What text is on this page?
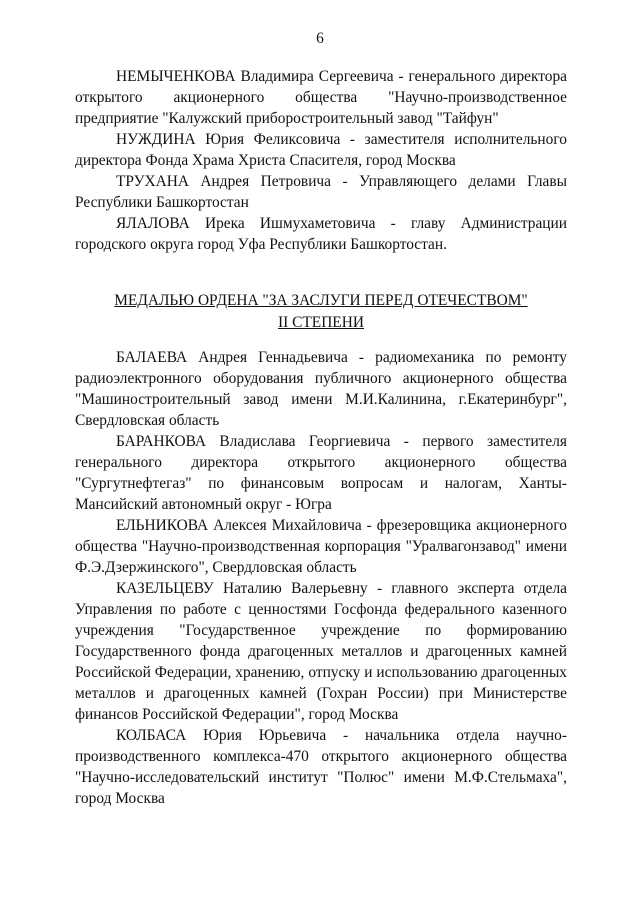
6

НЕМЫЧЕНКОВА Владимира Сергеевича - генерального директора открытого акционерного общества "Научно-производственное предприятие "Калужский приборостроительный завод "Тайфун"

НУЖДИНА Юрия Феликсовича - заместителя исполнительного директора Фонда Храма Христа Спасителя, город Москва

ТРУХАНА Андрея Петровича - Управляющего делами Главы Республики Башкортостан

ЯЛАЛОВА Ирека Ишмухаметовича - главу Администрации городского округа город Уфа Республики Башкортостан.

МЕДАЛЬЮ ОРДЕНА "ЗА ЗАСЛУГИ ПЕРЕД ОТЕЧЕСТВОМ"
II СТЕПЕНИ

БАЛАЕВА Андрея Геннадьевича - радиомеханика по ремонту радиоэлектронного оборудования публичного акционерного общества "Машиностроительный завод имени М.И.Калинина, г.Екатеринбург", Свердловская область

БАРАНКОВА Владислава Георгиевича - первого заместителя генерального директора открытого акционерного общества "Сургутнефтегаз" по финансовым вопросам и налогам, Ханты-Мансийский автономный округ - Югра

ЕЛЬНИКОВА Алексея Михайловича - фрезеровщика акционерного общества "Научно-производственная корпорация "Уралвагонзавод" имени Ф.Э.Дзержинского", Свердловская область

КАЗЕЛЬЦЕВУ Наталию Валерьевну - главного эксперта отдела Управления по работе с ценностями Госфонда федерального казенного учреждения "Государственное учреждение по формированию Государственного фонда драгоценных металлов и драгоценных камней Российской Федерации, хранению, отпуску и использованию драгоценных металлов и драгоценных камней (Гохран России) при Министерстве финансов Российской Федерации", город Москва

КОЛБАСА Юрия Юрьевича - начальника отдела научно-производственного комплекса-470 открытого акционерного общества "Научно-исследовательский институт "Полюс" имени М.Ф.Стельмаха", город Москва
